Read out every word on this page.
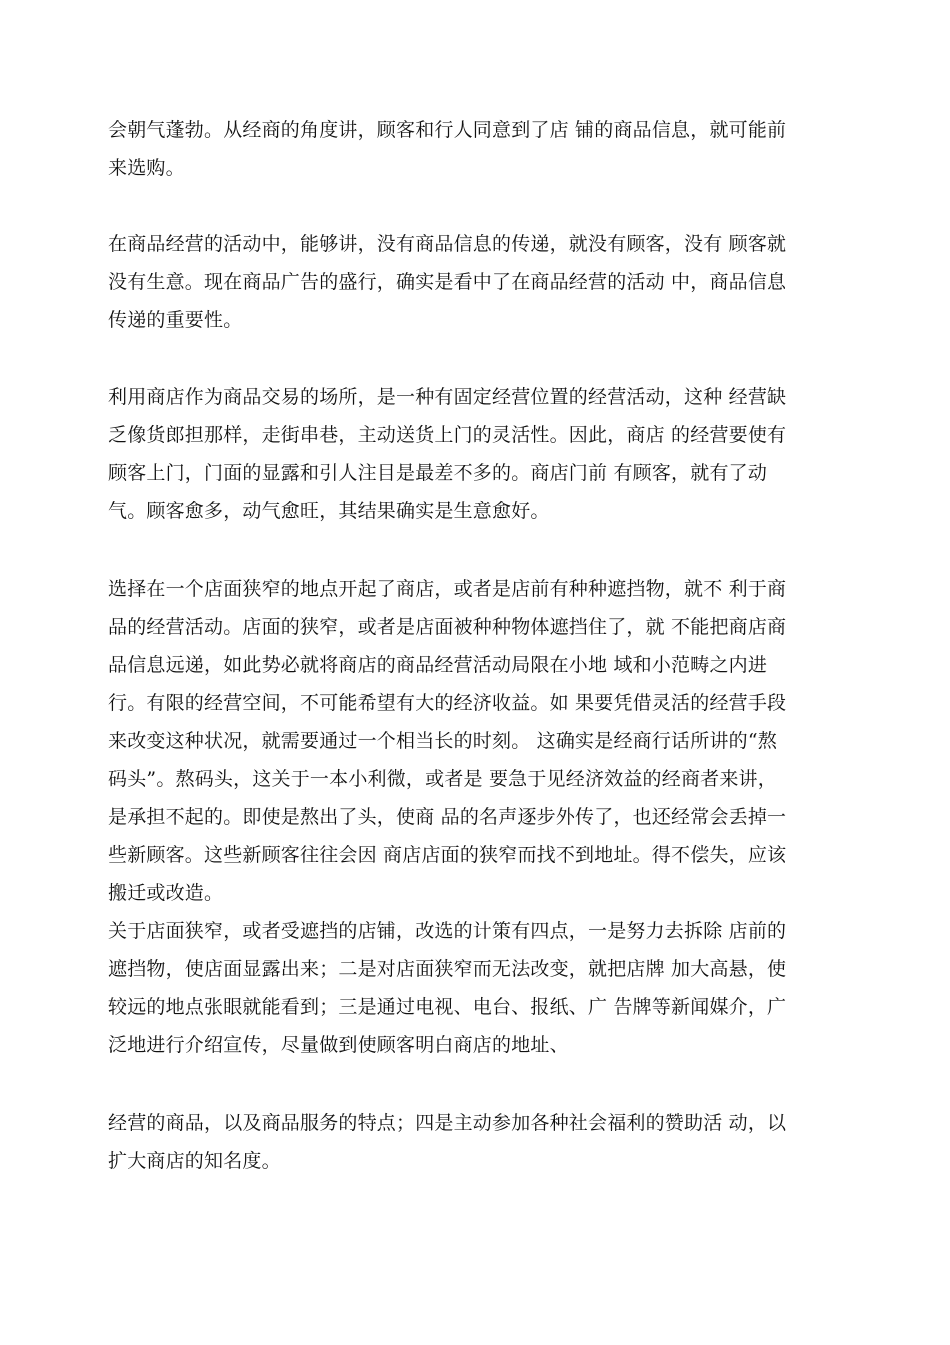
会朝气蓬勃。从经商的角度讲，顾客和行人同意到了店 铺的商品信息，就可能前
来选购。

在商品经营的活动中，能够讲，没有商品信息的传递，就没有顾客，没有 顾客就
没有生意。现在商品广告的盛行，确实是看中了在商品经营的活动 中，商品信息
传递的重要性。

利用商店作为商品交易的场所，是一种有固定经营位置的经营活动，这种 经营缺
乏像货郎担那样，走街串巷，主动送货上门的灵活性。因此，商店 的经营要使有
顾客上门，门面的显露和引人注目是最差不多的。商店门前 有顾客，就有了动
气。顾客愈多，动气愈旺，其结果确实是生意愈好。

选择在一个店面狭窄的地点开起了商店，或者是店前有种种遮挡物，就不 利于商
品的经营活动。店面的狭窄，或者是店面被种种物体遮挡住了，就 不能把商店商
品信息远递，如此势必就将商店的商品经营活动局限在小地 域和小范畴之内进
行。有限的经营空间，不可能希望有大的经济收益。如 果要凭借灵活的经营手段
来改变这种状况，就需要通过一个相当长的时刻。 这确实是经商行话所讲的“熬
码头”。熬码头，这关于一本小利微，或者是 要急于见经济效益的经商者来讲，
是承担不起的。即使是熬出了头，使商 品的名声逐步外传了，也还经常会丢掉一
些新顾客。这些新顾客往往会因 商店店面的狭窄而找不到地址。得不偿失，应该
搬迁或改造。
关于店面狭窄，或者受遮挡的店铺，改选的计策有四点，一是努力去拆除 店前的
遮挡物，使店面显露出来；二是对店面狭窄而无法改变，就把店牌 加大高悬，使
较远的地点张眼就能看到；三是通过电视、电台、报纸、广 告牌等新闻媒介，广
泛地进行介绍宣传，尽量做到使顾客明白商店的地址、

经营的商品，以及商品服务的特点；四是主动参加各种社会福利的赞助活 动，以
扩大商店的知名度。
